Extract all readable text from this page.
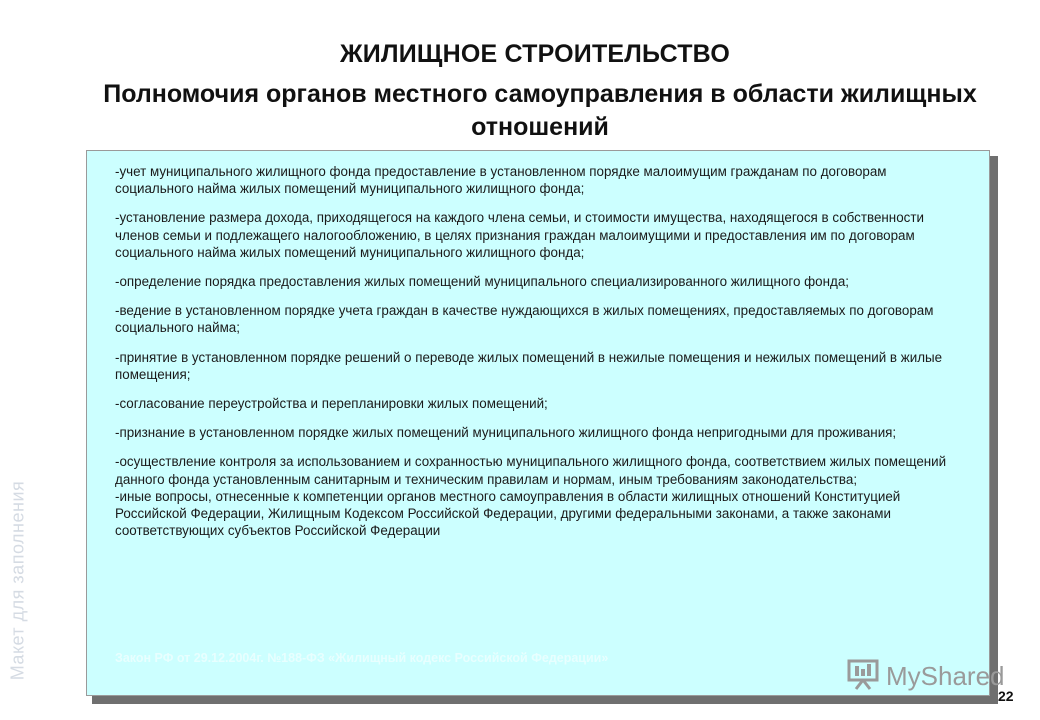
ЖИЛИЩНОЕ СТРОИТЕЛЬСТВО
Полномочия органов местного самоуправления в области жилищных отношений
-учет муниципального жилищного фонда предоставление в установленном порядке малоимущим гражданам по договорам социального найма жилых помещений муниципального жилищного фонда;
-установление размера дохода, приходящегося на каждого члена семьи, и стоимости имущества, находящегося в собственности членов семьи и подлежащего налогообложению, в целях признания граждан малоимущими и предоставления им по договорам социального найма жилых помещений муниципального жилищного фонда;
-определение порядка предоставления жилых помещений муниципального специализированного жилищного фонда;
-ведение в установленном порядке учета граждан в качестве нуждающихся в жилых помещениях, предоставляемых по договорам социального найма;
-принятие в установленном порядке решений о переводе жилых помещений в нежилые помещения и нежилых помещений в жилые помещения;
-согласование переустройства и перепланировки жилых помещений;
-признание в установленном порядке жилых помещений муниципального жилищного фонда непригодными для проживания;
-осуществление контроля за использованием и сохранностью муниципального жилищного фонда, соответствием жилых помещений данного фонда установленным санитарным и техническим правилам и нормам, иным требованиям законодательства;
-иные вопросы, отнесенные к компетенции органов местного самоуправления в области жилищных отношений Конституцией Российской Федерации, Жилищным Кодексом Российской Федерации, другими федеральными законами, а также законами соответствующих субъектов Российской Федерации
Закон РФ от 29.12.2004г. №188-ФЗ «Жилищный кодекс Российской Федерации»
Макет для заполнения	MyShared
22
